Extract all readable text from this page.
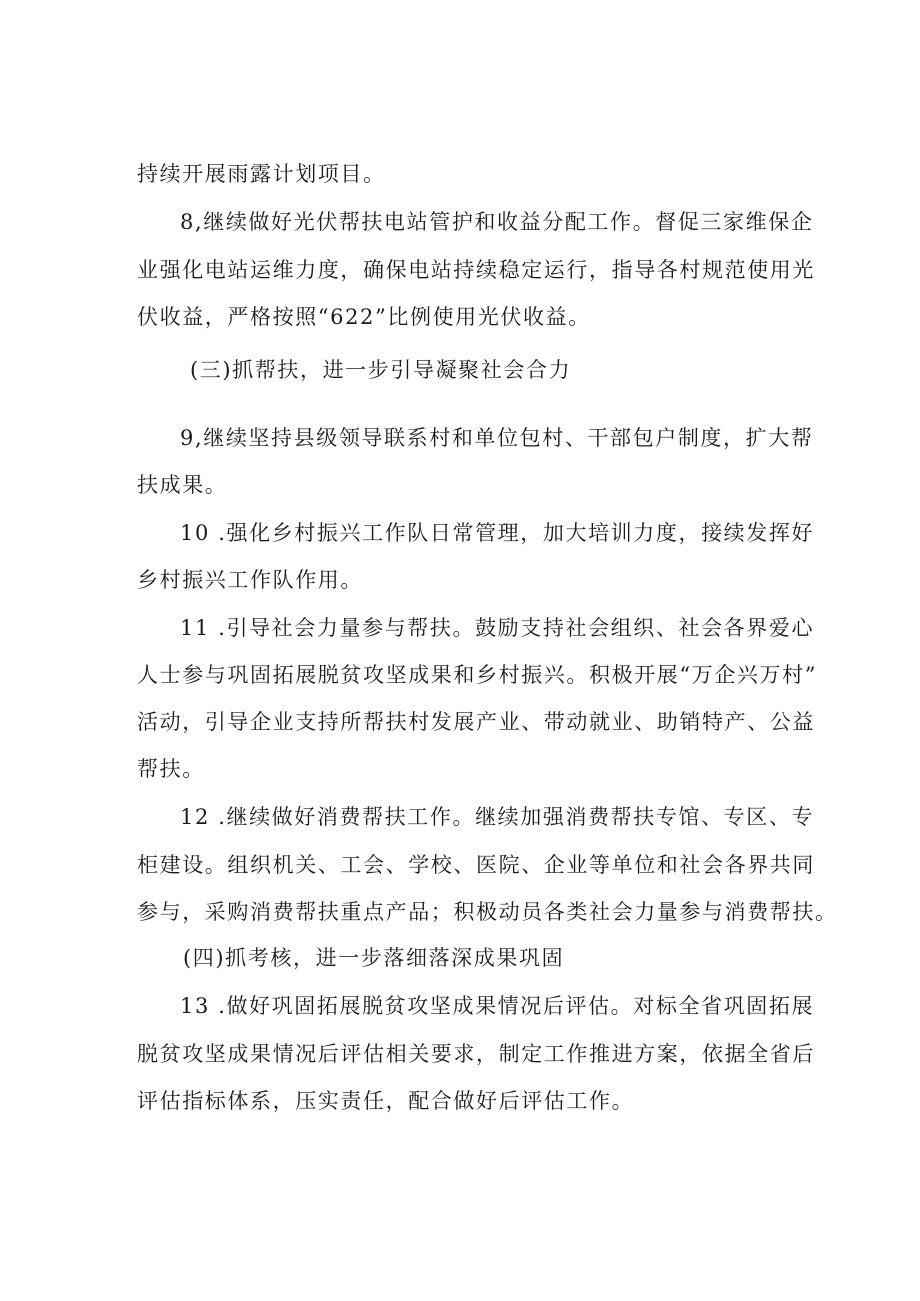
持续开展雨露计划项目。
8,继续做好光伏帮扶电站管护和收益分配工作。督促三家维保企
业强化电站运维力度，确保电站持续稳定运行，指导各村规范使用光
伏收益，严格按照“622”比例使用光伏收益。
(三)抓帮扶，进一步引导凝聚社会合力
9,继续坚持县级领导联系村和单位包村、干部包户制度，扩大帮
扶成果。
10 .强化乡村振兴工作队日常管理，加大培训力度，接续发挥好
乡村振兴工作队作用。
11 .引导社会力量参与帮扶。鼓励支持社会组织、社会各界爱心
人士参与巩固拓展脱贫攻坚成果和乡村振兴。积极开展“万企兴万村”
活动，引导企业支持所帮扶村发展产业、带动就业、助销特产、公益
帮扶。
12 .继续做好消费帮扶工作。继续加强消费帮扶专馆、专区、专
柜建设。组织机关、工会、学校、医院、企业等单位和社会各界共同
参与，采购消费帮扶重点产品；积极动员各类社会力量参与消费帮扶。
(四)抓考核，进一步落细落深成果巩固
13 .做好巩固拓展脱贫攻坚成果情况后评估。对标全省巩固拓展
脱贫攻坚成果情况后评估相关要求，制定工作推进方案，依据全省后
评估指标体系，压实责任，配合做好后评估工作。
